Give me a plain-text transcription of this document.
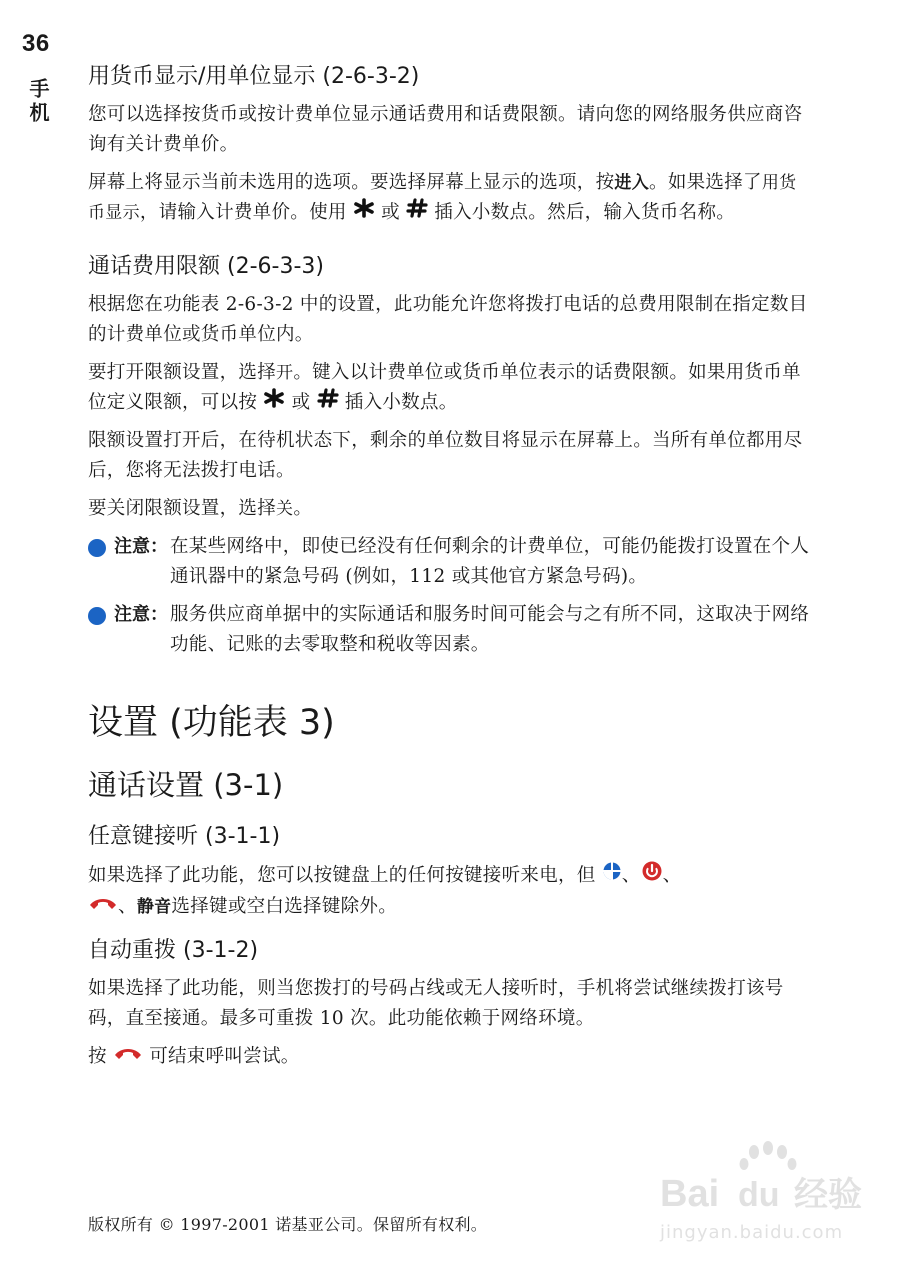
36
手机
用货币显示/用单位显示 (2-6-3-2)

您可以选择按货币或按计费单位显示通话费用和话费限额。请向您的网络服务供应商咨询有关计费单价。

屏幕上将显示当前未选用的选项。要选择屏幕上显示的选项，按进入。如果选择了用货币显示，请输入计费单价。使用 或 插入小数点。然后，输入货币名称。

通话费用限额 (2-6-3-3)

根据您在功能表 2-6-3-2 中的设置，此功能允许您将拨打电话的总费用限制在指定数目的计费单位或货币单位内。

要打开限额设置，选择开。键入以计费单位或货币单位表示的话费限额。如果用货币单位定义限额，可以按 或 插入小数点。

限额设置打开后，在待机状态下，剩余的单位数目将显示在屏幕上。当所有单位都用尽后，您将无法拨打电话。

要关闭限额设置，选择关。

注意： 在某些网络中，即使已经没有任何剩余的计费单位，可能仍能拨打设置在个人通讯器中的紧急号码 (例如，112 或其他官方紧急号码)。
注意： 服务供应商单据中的实际通话和服务时间可能会与之有所不同，这取决于网络功能、记账的去零取整和税收等因素。
设置 (功能表 3)
通话设置 (3-1)
任意键接听 (3-1-1)

如果选择了此功能，您可以按键盘上的任何按键接听来电，但 、 、
、静音选择键或空白选择键除外。

自动重拨 (3-1-2)

如果选择了此功能，则当您拨打的号码占线或无人接听时，手机将尝试继续拨打该号码，直至接通。最多可重拨 10 次。此功能依赖于网络环境。

按 可结束呼叫尝试。

版权所有 © 1997-2001 诺基亚公司。保留所有权利。
Bai du 经验
jingyan.baidu.com
